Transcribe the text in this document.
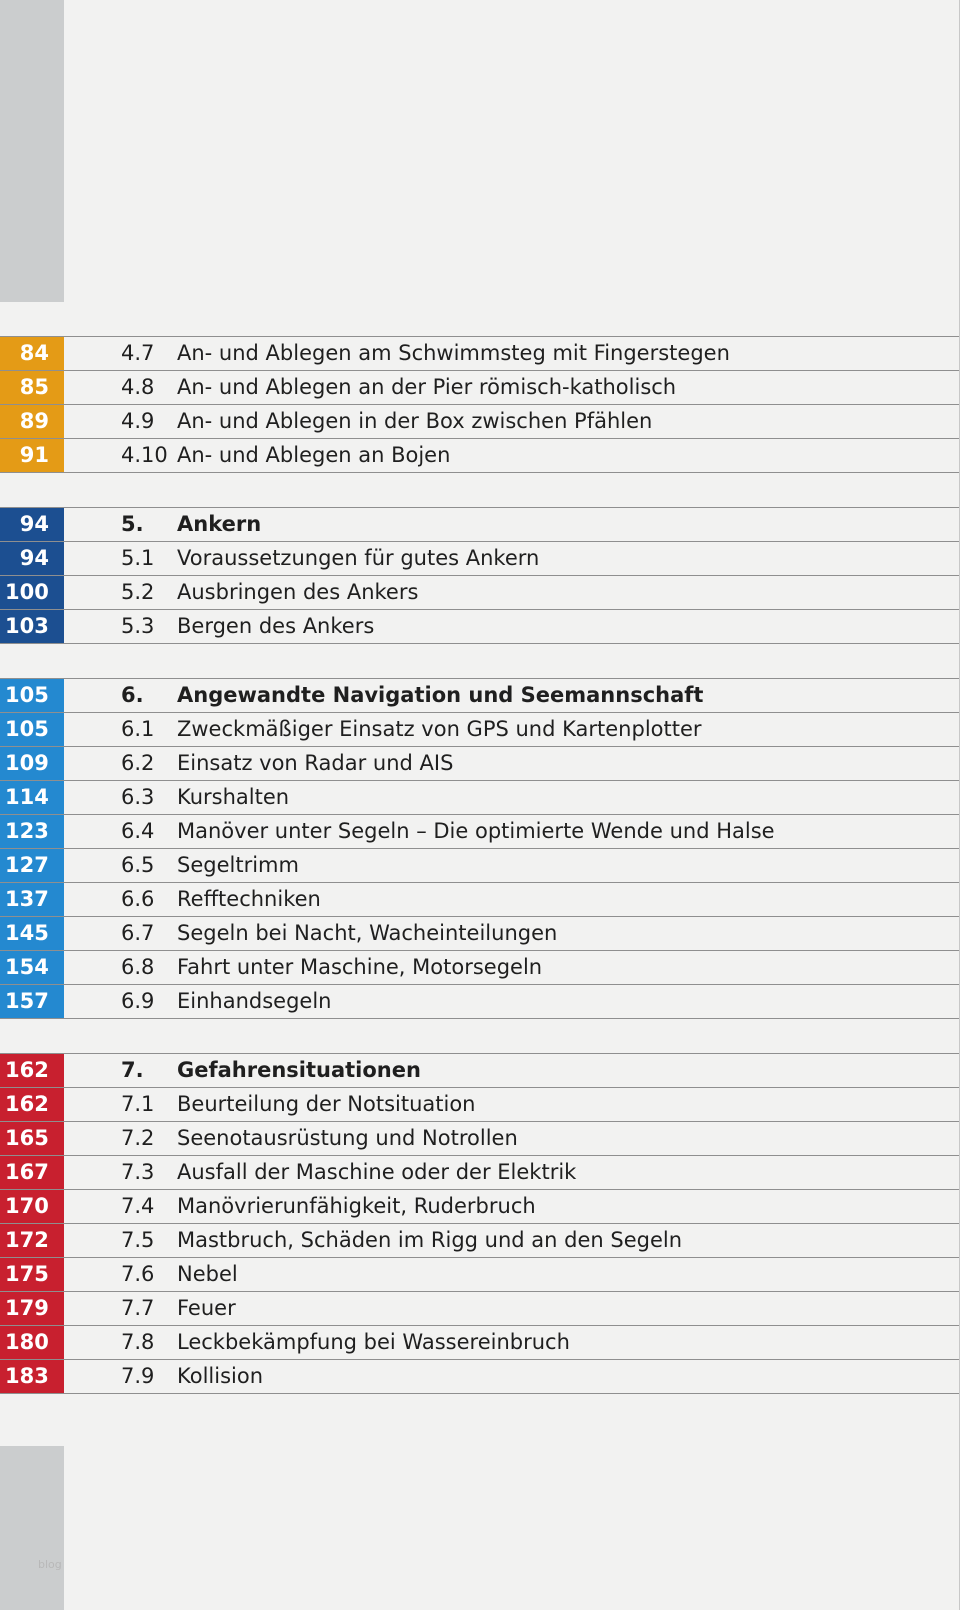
84	4.7 An- und Ablegen am Schwimmsteg mit Fingerstegen
85	4.8 An- und Ablegen an der Pier römisch-katholisch
89	4.9 An- und Ablegen in der Box zwischen Pfählen
91	4.10 An- und Ablegen an Bojen
94	5. Ankern
94	5.1 Voraussetzungen für gutes Ankern
100	5.2 Ausbringen des Ankers
103	5.3 Bergen des Ankers
105	6. Angewandte Navigation und Seemannschaft
105	6.1 Zweckmäßiger Einsatz von GPS und Kartenplotter
109	6.2 Einsatz von Radar und AIS
114	6.3 Kurshalten
123	6.4 Manöver unter Segeln – Die optimierte Wende und Halse
127	6.5 Segeltrimm
137	6.6 Refftechniken
145	6.7 Segeln bei Nacht, Wacheinteilungen
154	6.8 Fahrt unter Maschine, Motorsegeln
157	6.9 Einhandsegeln
162	7. Gefahrensituationen
162	7.1 Beurteilung der Notsituation
165	7.2 Seenotausrüstung und Notrollen
167	7.3 Ausfall der Maschine oder der Elektrik
170	7.4 Manövrierunfähigkeit, Ruderbruch
172	7.5 Mastbruch, Schäden im Rigg und an den Segeln
175	7.6 Nebel
179	7.7 Feuer
180	7.8 Leckbekämpfung bei Wassereinbruch
183	7.9 Kollision
blog
